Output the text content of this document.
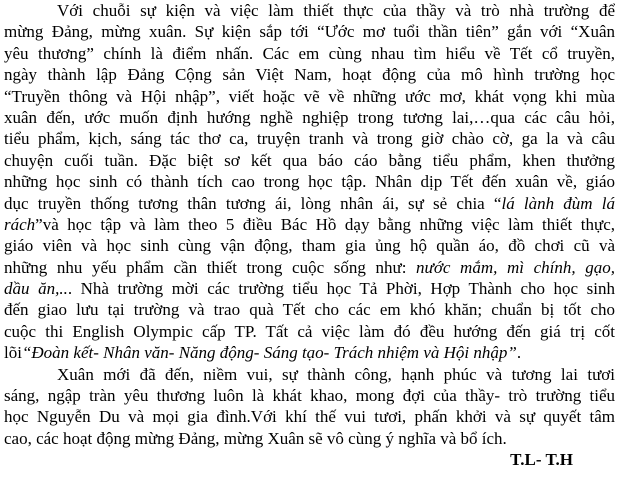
Với chuỗi sự kiện và việc làm thiết thực của thầy và trò nhà trường để
mừng Đảng, mừng xuân. Sự kiện sắp tới “Ước mơ tuổi thần tiên” gắn với “Xuân
yêu thương” chính là điểm nhấn. Các em cùng nhau tìm hiểu về Tết cổ truyền,
ngày thành lập Đảng Cộng sản Việt Nam, hoạt động của mô hình trường học
“Truyền thông và Hội nhập”, viết hoặc vẽ về những ước mơ, khát vọng khi mùa
xuân đến, ước muốn định hướng nghề nghiệp trong tương lai,…qua các câu hỏi,
tiểu phẩm, kịch, sáng tác thơ ca, truyện tranh và trong giờ chào cờ, ga la và câu
chuyện cuối tuần. Đặc biệt sơ kết qua báo cáo bằng tiểu phẩm, khen thưởng
những học sinh có thành tích cao trong học tập. Nhân dịp Tết đến xuân về, giáo
dục truyền thống tương thân tương ái, lòng nhân ái, sự sẻ chia “lá lành đùm lá
rách”và học tập và làm theo 5 điều Bác Hồ dạy bằng những việc làm thiết thực,
giáo viên và học sinh cùng vận động, tham gia ủng hộ quần áo, đồ chơi cũ và
những nhu yếu phẩm cần thiết trong cuộc sống như: nước mắm, mì chính, gạo,
dầu ăn,... Nhà trường mời các trường tiểu học Tả Phời, Hợp Thành cho học sinh
đến giao lưu tại trường và trao quà Tết cho các em khó khăn; chuẩn bị tốt cho
cuộc thi English Olympic cấp TP. Tất cả việc làm đó đều hướng đến giá trị cốt
lõi“Đoàn kết- Nhân văn- Năng động- Sáng tạo- Trách nhiệm và Hội nhập”.
Xuân mới đã đến, niềm vui, sự thành công, hạnh phúc và tương lai tươi
sáng, ngập tràn yêu thương luôn là khát khao, mong đợi của thầy- trò trường tiểu
học Nguyễn Du và mọi gia đình.Với khí thế vui tươi, phấn khởi và sự quyết tâm
cao, các hoạt động mừng Đảng, mừng Xuân sẽ vô cùng ý nghĩa và bổ ích.
T.L- T.H
